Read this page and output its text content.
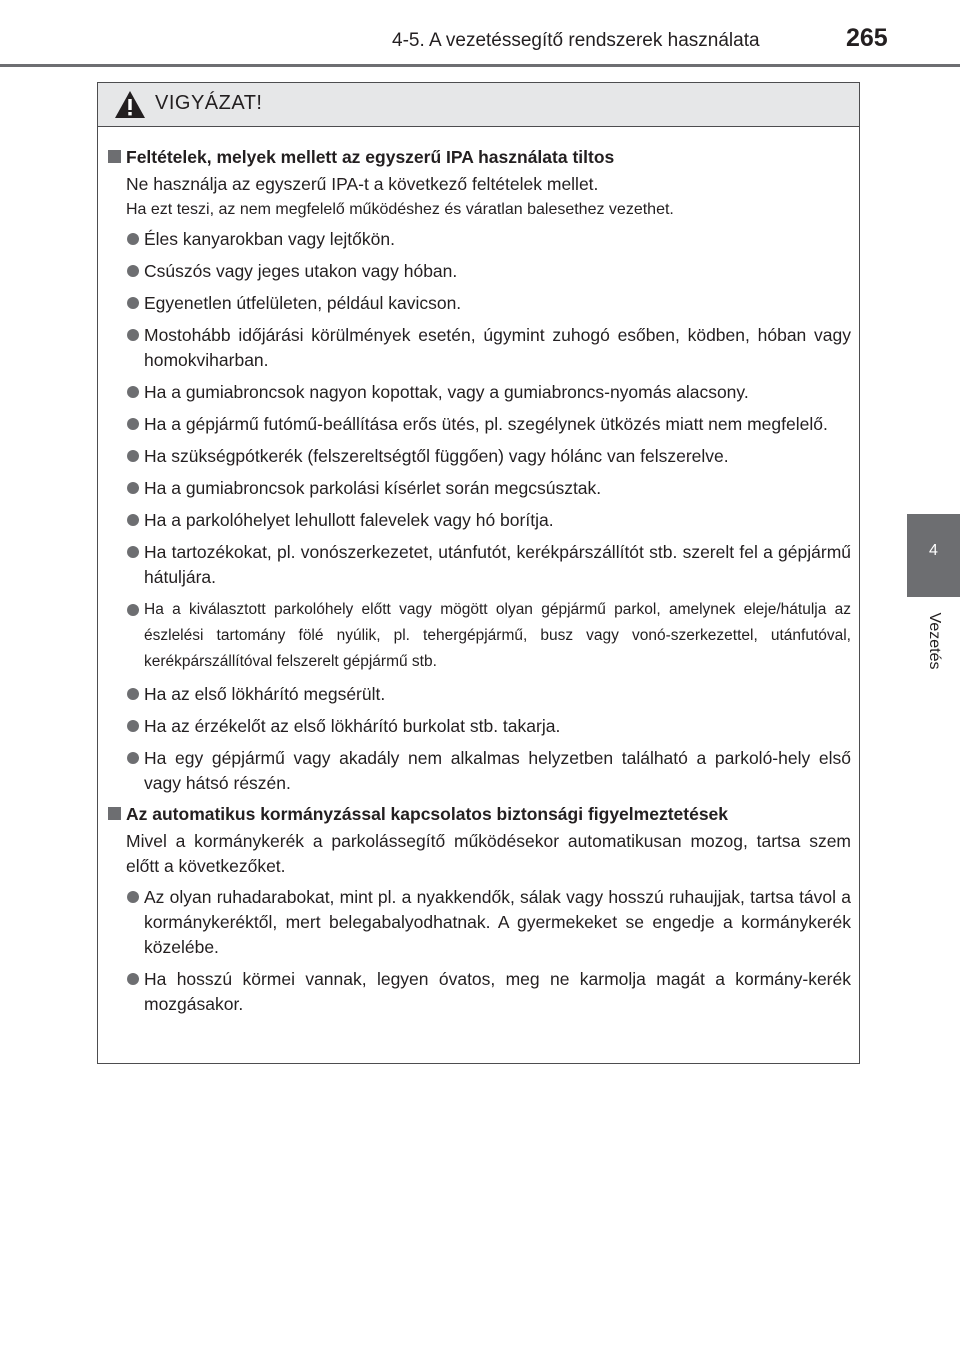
4-5. A vezetéssegítő rendszerek használata	265
4
Vezetés
VIGYÁZAT!
Feltételek, melyek mellett az egyszerű IPA használata tiltos
Ne használja az egyszerű IPA-t a következő feltételek mellet.
Ha ezt teszi, az nem megfelelő működéshez és váratlan balesethez vezethet.
Éles kanyarokban vagy lejtőkön.
Csúszós vagy jeges utakon vagy hóban.
Egyenetlen útfelületen, például kavicson.
Mostohább időjárási körülmények esetén, úgymint zuhogó esőben, ködben, hóban vagy homokviharban.
Ha a gumiabroncsok nagyon kopottak, vagy a gumiabroncs-nyomás alacsony.
Ha a gépjármű futómű-beállítása erős ütés, pl. szegélynek ütközés miatt nem megfelelő.
Ha szükségpótkerék (felszereltségtől függően) vagy hólánc van felszerelve.
Ha a gumiabroncsok parkolási kísérlet során megcsúsztak.
Ha a parkolóhelyet lehullott falevelek vagy hó borítja.
Ha tartozékokat, pl. vonószerkezetet, utánfutót, kerékpárszállítót stb. szerelt fel a gépjármű hátuljára.
Ha a kiválasztott parkolóhely előtt vagy mögött olyan gépjármű parkol, amelynek eleje/hátulja az észlelési tartomány fölé nyúlik, pl. tehergépjármű, busz vagy vonó-szerkezettel, utánfutóval, kerékpárszállítóval felszerelt gépjármű stb.
Ha az első lökhárító megsérült.
Ha az érzékelőt az első lökhárító burkolat stb. takarja.
Ha egy gépjármű vagy akadály nem alkalmas helyzetben található a parkoló-hely első vagy hátsó részén.
Az automatikus kormányzással kapcsolatos biztonsági figyelmeztetések
Mivel a kormánykerék a parkolássegítő működésekor automatikusan mozog, tartsa szem előtt a következőket.
Az olyan ruhadarabokat, mint pl. a nyakkendők, sálak vagy hosszú ruhaujjak, tartsa távol a kormánykeréktől, mert belegabalyodhatnak. A gyermekeket se engedje a kormánykerék közelébe.
Ha hosszú körmei vannak, legyen óvatos, meg ne karmolja magát a kormány-kerék mozgásakor.
